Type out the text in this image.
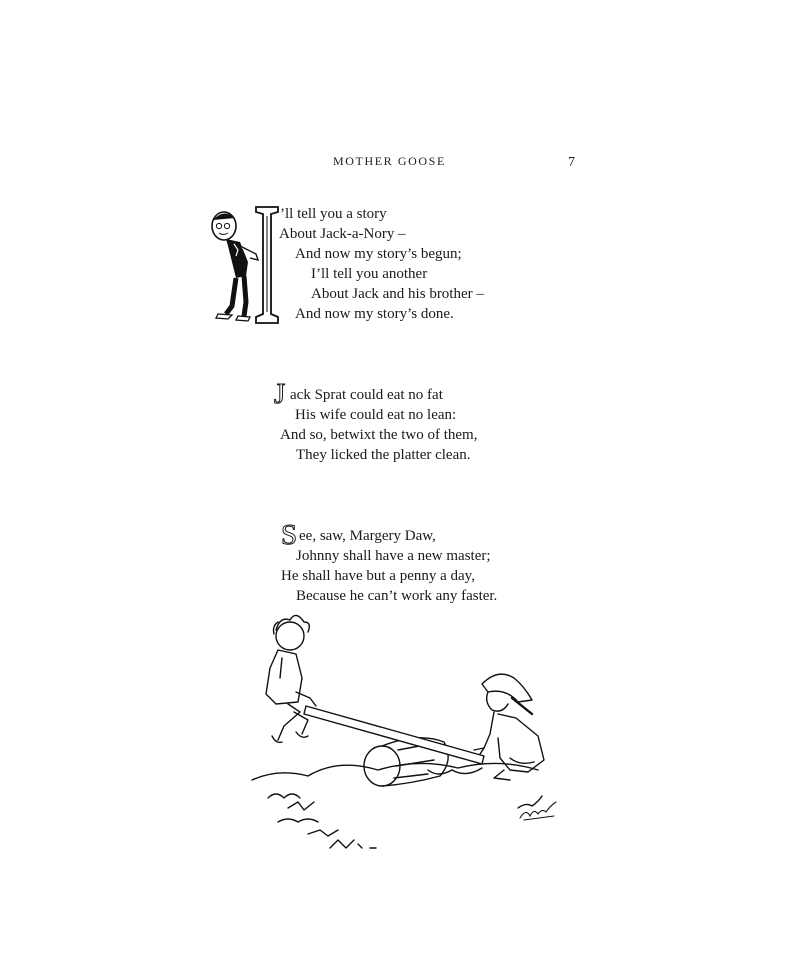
MOTHER GOOSE	7
’ll tell you a story
About Jack-a-Nory –
And now my story’s begun;
I’ll tell you another
About Jack and his brother –
And now my story’s done.
J ack Sprat could eat no fat
His wife could eat no lean:
And so, betwixt the two of them,
They licked the platter clean.
S ee, saw, Margery Daw,
Johnny shall have a new master;
He shall have but a penny a day,
Because he can’t work any faster.
